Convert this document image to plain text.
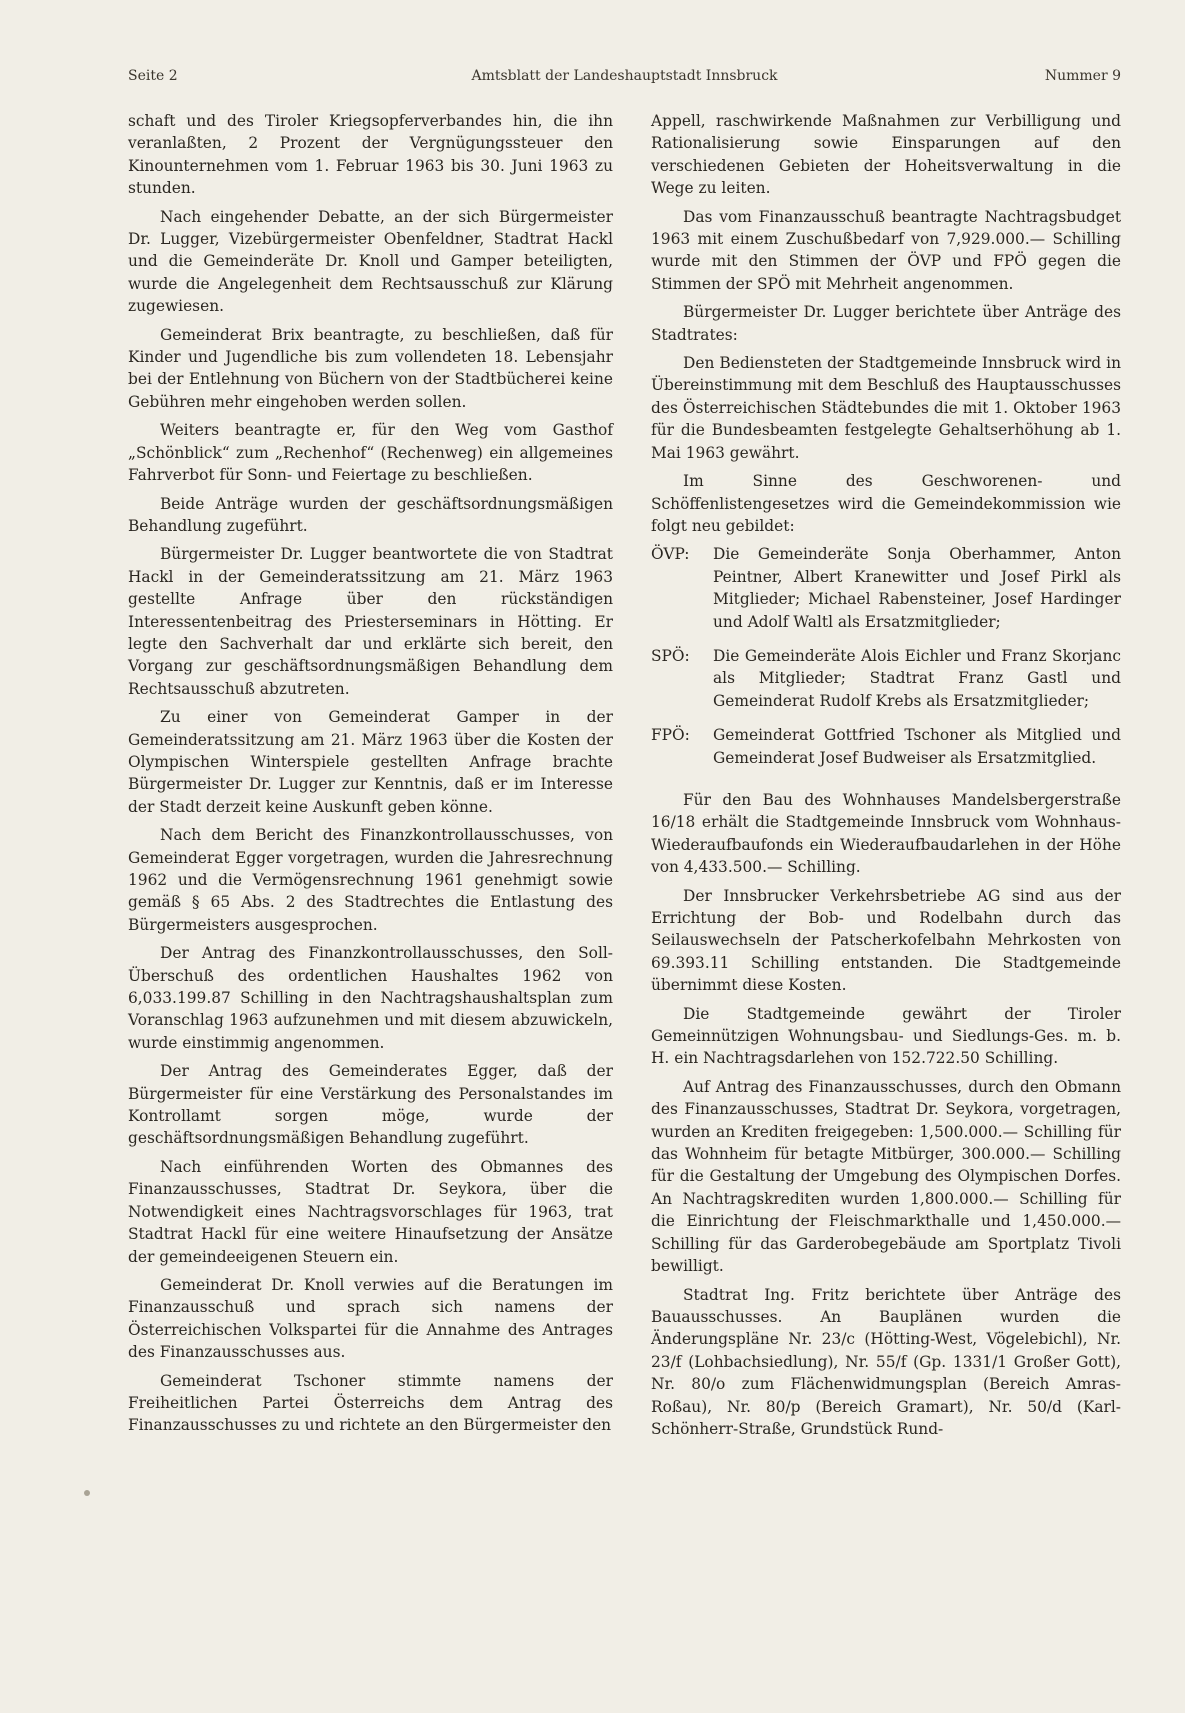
Seite 2	Amtsblatt der Landeshauptstadt Innsbruck	Nummer 9

schaft und des Tiroler Kriegsopferverbandes hin, die ihn veranlaßten, 2 Prozent der Vergnügungssteuer den Kinounternehmen vom 1. Februar 1963 bis 30. Juni 1963 zu stunden.

Nach eingehender Debatte, an der sich Bürgermeister Dr. Lugger, Vizebürgermeister Obenfeldner, Stadtrat Hackl und die Gemeinderäte Dr. Knoll und Gamper beteiligten, wurde die Angelegenheit dem Rechtsausschuß zur Klärung zugewiesen.

Gemeinderat Brix beantragte, zu beschließen, daß für Kinder und Jugendliche bis zum vollendeten 18. Lebensjahr bei der Entlehnung von Büchern von der Stadtbücherei keine Gebühren mehr eingehoben werden sollen.

Weiters beantragte er, für den Weg vom Gasthof „Schönblick“ zum „Rechenhof“ (Rechenweg) ein allgemeines Fahrverbot für Sonn- und Feiertage zu beschließen.

Beide Anträge wurden der geschäftsordnungsmäßigen Behandlung zugeführt.

Bürgermeister Dr. Lugger beantwortete die von Stadtrat Hackl in der Gemeinderatssitzung am 21. März 1963 gestellte Anfrage über den rückständigen Interessentenbeitrag des Priesterseminars in Hötting. Er legte den Sachverhalt dar und erklärte sich bereit, den Vorgang zur geschäftsordnungsmäßigen Behandlung dem Rechtsausschuß abzutreten.

Zu einer von Gemeinderat Gamper in der Gemeinderatssitzung am 21. März 1963 über die Kosten der Olympischen Winterspiele gestellten Anfrage brachte Bürgermeister Dr. Lugger zur Kenntnis, daß er im Interesse der Stadt derzeit keine Auskunft geben könne.

Nach dem Bericht des Finanzkontrollausschusses, von Gemeinderat Egger vorgetragen, wurden die Jahresrechnung 1962 und die Vermögensrechnung 1961 genehmigt sowie gemäß § 65 Abs. 2 des Stadtrechtes die Entlastung des Bürgermeisters ausgesprochen.

Der Antrag des Finanzkontrollausschusses, den Soll-Überschuß des ordentlichen Haushaltes 1962 von 6,033.199.87 Schilling in den Nachtragshaushaltsplan zum Voranschlag 1963 aufzunehmen und mit diesem abzuwickeln, wurde einstimmig angenommen.

Der Antrag des Gemeinderates Egger, daß der Bürgermeister für eine Verstärkung des Personalstandes im Kontrollamt sorgen möge, wurde der geschäftsordnungsmäßigen Behandlung zugeführt.

Nach einführenden Worten des Obmannes des Finanzausschusses, Stadtrat Dr. Seykora, über die Notwendigkeit eines Nachtragsvorschlages für 1963, trat Stadtrat Hackl für eine weitere Hinaufsetzung der Ansätze der gemeindeeigenen Steuern ein.

Gemeinderat Dr. Knoll verwies auf die Beratungen im Finanzausschuß und sprach sich namens der Österreichischen Volkspartei für die Annahme des Antrages des Finanzausschusses aus.

Gemeinderat Tschoner stimmte namens der Freiheitlichen Partei Österreichs dem Antrag des Finanzausschusses zu und richtete an den Bürgermeister den

Appell, raschwirkende Maßnahmen zur Verbilligung und Rationalisierung sowie Einsparungen auf den verschiedenen Gebieten der Hoheitsverwaltung in die Wege zu leiten.

Das vom Finanzausschuß beantragte Nachtragsbudget 1963 mit einem Zuschußbedarf von 7,929.000.— Schilling wurde mit den Stimmen der ÖVP und FPÖ gegen die Stimmen der SPÖ mit Mehrheit angenommen.

Bürgermeister Dr. Lugger berichtete über Anträge des Stadtrates:

Den Bediensteten der Stadtgemeinde Innsbruck wird in Übereinstimmung mit dem Beschluß des Hauptausschusses des Österreichischen Städtebundes die mit 1. Oktober 1963 für die Bundesbeamten festgelegte Gehaltserhöhung ab 1. Mai 1963 gewährt.

Im Sinne des Geschworenen- und Schöffenlistengesetzes wird die Gemeindekommission wie folgt neu gebildet:

ÖVP:	Die Gemeinderäte Sonja Oberhammer, Anton Peintner, Albert Kranewitter und Josef Pirkl als Mitglieder; Michael Rabensteiner, Josef Hardinger und Adolf Waltl als Ersatzmitglieder;
SPÖ:	Die Gemeinderäte Alois Eichler und Franz Skorjanc als Mitglieder; Stadtrat Franz Gastl und Gemeinderat Rudolf Krebs als Ersatzmitglieder;
FPÖ:	Gemeinderat Gottfried Tschoner als Mitglied und Gemeinderat Josef Budweiser als Ersatzmitglied.

Für den Bau des Wohnhauses Mandelsbergerstraße 16/18 erhält die Stadtgemeinde Innsbruck vom Wohnhaus-Wiederaufbaufonds ein Wiederaufbaudarlehen in der Höhe von 4,433.500.— Schilling.

Der Innsbrucker Verkehrsbetriebe AG sind aus der Errichtung der Bob- und Rodelbahn durch das Seilauswechseln der Patscherkofelbahn Mehrkosten von 69.393.11 Schilling entstanden. Die Stadtgemeinde übernimmt diese Kosten.

Die Stadtgemeinde gewährt der Tiroler Gemeinnützigen Wohnungsbau- und Siedlungs-Ges. m. b. H. ein Nachtragsdarlehen von 152.722.50 Schilling.

Auf Antrag des Finanzausschusses, durch den Obmann des Finanzausschusses, Stadtrat Dr. Seykora, vorgetragen, wurden an Krediten freigegeben: 1,500.000.— Schilling für das Wohnheim für betagte Mitbürger, 300.000.— Schilling für die Gestaltung der Umgebung des Olympischen Dorfes. An Nachtragskrediten wurden 1,800.000.— Schilling für die Einrichtung der Fleischmarkthalle und 1,450.000.— Schilling für das Garderobegebäude am Sportplatz Tivoli bewilligt.

Stadtrat Ing. Fritz berichtete über Anträge des Bauausschusses. An Bauplänen wurden die Änderungspläne Nr. 23/c (Hötting-West, Vögelebichl), Nr. 23/f (Lohbachsiedlung), Nr. 55/f (Gp. 1331/1 Großer Gott), Nr. 80/o zum Flächenwidmungsplan (Bereich Amras-Roßau), Nr. 80/p (Bereich Gramart), Nr. 50/d (Karl-Schönherr-Straße, Grundstück Rund-
